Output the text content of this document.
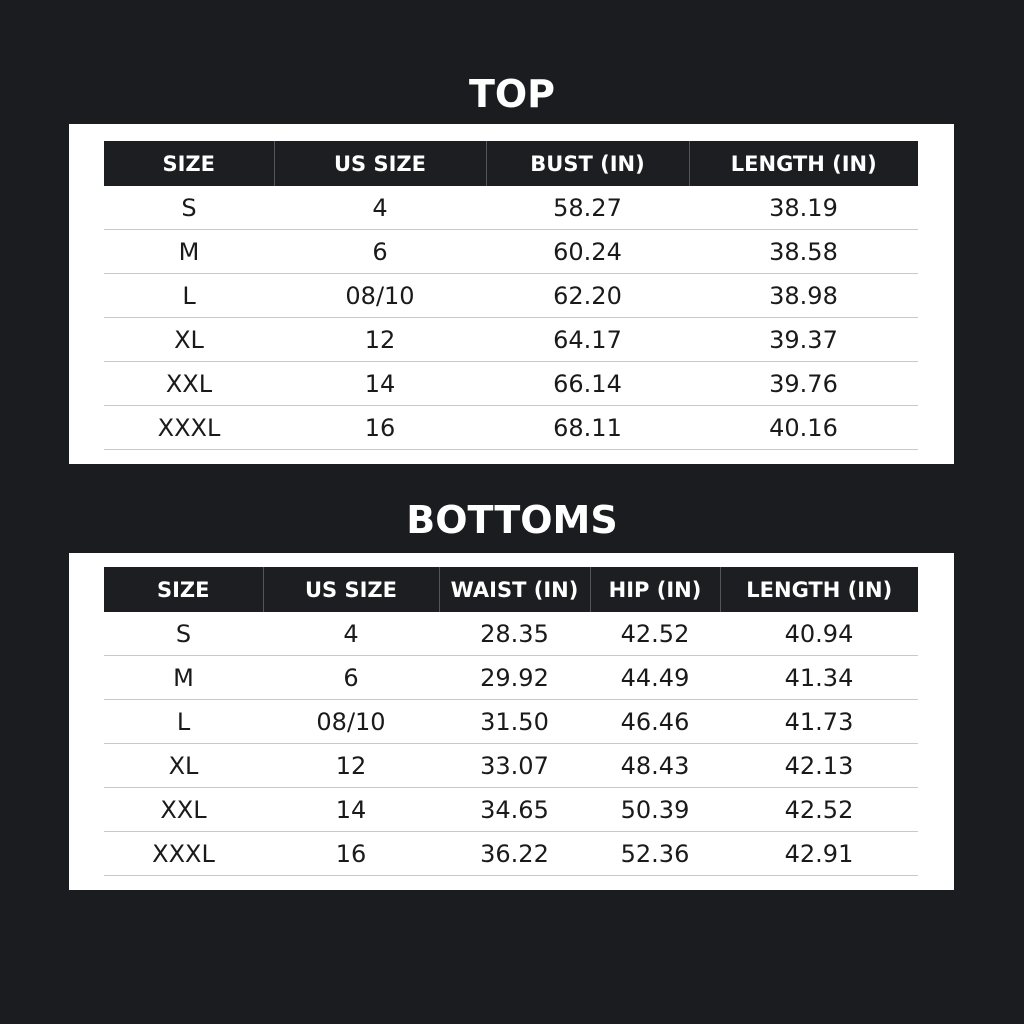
TOP
SIZE	US SIZE	BUST (IN)	LENGTH (IN)
S	4	58.27	38.19
M	6	60.24	38.58
L	08/10	62.20	38.98
XL	12	64.17	39.37
XXL	14	66.14	39.76
XXXL	16	68.11	40.16
BOTTOMS
SIZE	US SIZE	WAIST (IN)	HIP (IN)	LENGTH (IN)
S	4	28.35	42.52	40.94
M	6	29.92	44.49	41.34
L	08/10	31.50	46.46	41.73
XL	12	33.07	48.43	42.13
XXL	14	34.65	50.39	42.52
XXXL	16	36.22	52.36	42.91
